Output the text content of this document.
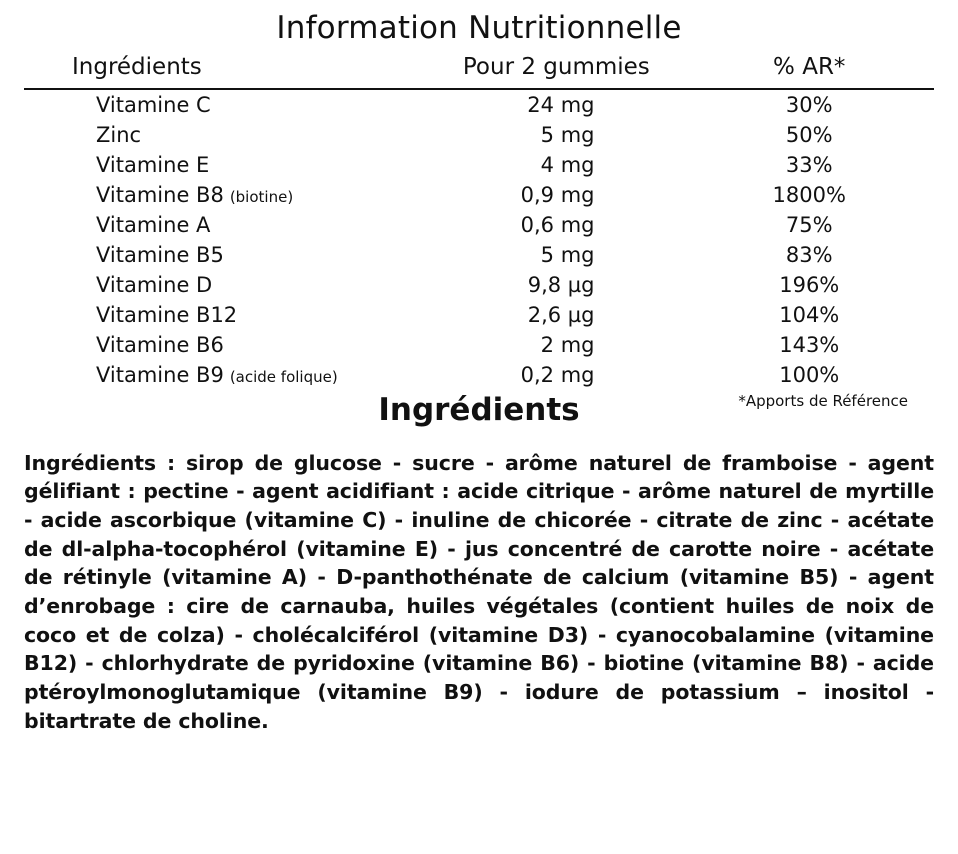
Information Nutritionnelle
Ingrédients	Pour 2 gummies	% AR*
Vitamine C	24 mg	30%
Zinc	5 mg	50%
Vitamine E	4 mg	33%
Vitamine B8 (biotine)	0,9 mg	1800%
Vitamine A	0,6 mg	75%
Vitamine B5	5 mg	83%
Vitamine D	9,8 µg	196%
Vitamine B12	2,6 µg	104%
Vitamine B6	2 mg	143%
Vitamine B9 (acide folique)	0,2 mg	100%
*Apports de Référence
Ingrédients

Ingrédients : sirop de glucose - sucre - arôme naturel de framboise - agent gélifiant : pectine - agent acidifiant : acide citrique - arôme naturel de myrtille - acide ascorbique (vitamine C) - inuline de chicorée - citrate de zinc - acétate de dl-alpha-tocophérol (vitamine E) - jus concentré de carotte noire - acétate de rétinyle (vitamine A) - D-panthothénate de calcium (vitamine B5) - agent d’enrobage : cire de carnauba, huiles végétales (contient huiles de noix de coco et de colza) - cholécalciférol (vitamine D3) - cyanocobalamine (vitamine B12) - chlorhydrate de pyridoxine (vitamine B6) - biotine (vitamine B8) - acide ptéroylmonoglutamique (vitamine B9) - iodure de potassium – inositol - bitartrate de choline.
